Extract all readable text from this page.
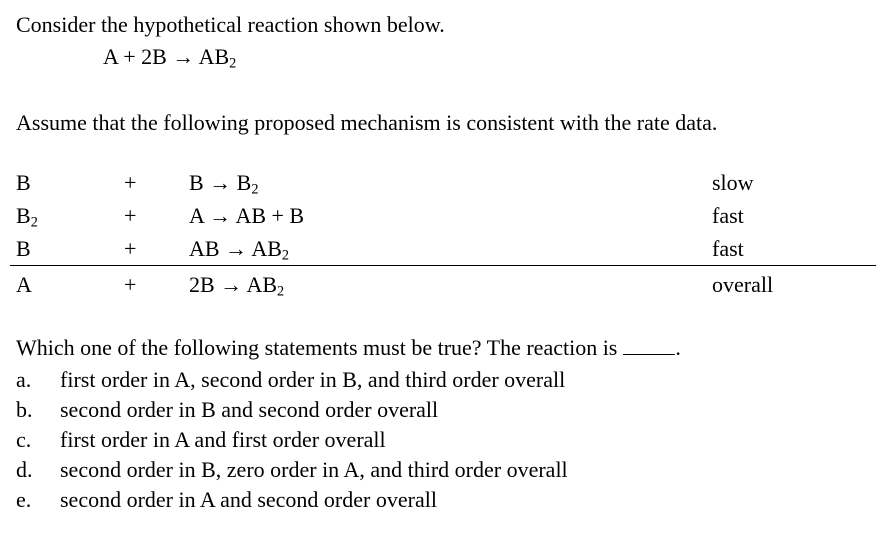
Consider the hypothetical reaction shown below.
$A + 2B \to AB_2$
Assume that the following proposed mechanism is consistent with the rate data.
B	+ $B \to B_2$	slow
$B_2$	+ A → AB + B	fast
B	+ AB → $AB_2$	fast
A	+ $2B \to AB_2$	overall
Which one of the following statements must be true? The reaction is	.
a. first order in A, second order in B, and third order overall
b. second order in B and second order overall
c. first order in A and first order overall
d. second order in B, zero order in A, and third order overall
e. second order in A and second order overall
